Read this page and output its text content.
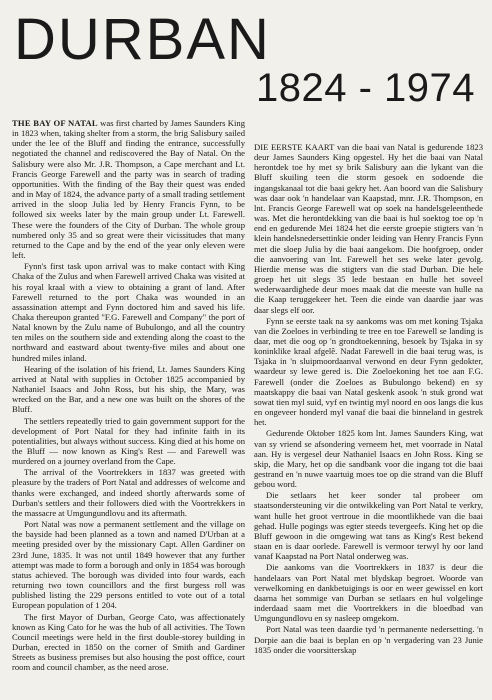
DURBAN
1824 - 1974

THE BAY OF NATAL was first charted by James Saunders King in 1823 when, taking shelter from a storm, the brig Salisbury sailed under the lee of the Bluff and finding the entrance, successfully negotiated the channel and rediscovered the Bay of Natal. On the Salisbury were also Mr. J.R. Thompson, a Cape merchant and Lt. Francis George Farewell and the party was in search of trading opportunities. With the finding of the Bay their quest was ended and in May of 1824, the advance party of a small trading settlement arrived in the sloop Julia led by Henry Francis Fynn, to be followed six weeks later by the main group under Lt. Farewell. These were the founders of the City of Durban. The whole group numbered only 35 and so great were their vicissitudes that many returned to the Cape and by the end of the year only eleven were left.

Fynn's first task upon arrival was to make contact with King Chaka of the Zulus and when Farewell arrived Chaka was visited at his royal kraal with a view to obtaining a grant of land. After Farewell returned to the port Chaka was wounded in an assassination attempt and Fynn doctored him and saved his life. Chaka thereupon granted "F.G. Farewell and Company" the port of Natal known by the Zulu name of Bubulongo, and all the country ten miles on the southern side and extending along the coast to the northward and eastward about twenty-five miles and about one hundred miles inland.

Hearing of the isolation of his friend, Lt. James Saunders King arrived at Natal with supplies in October 1825 accompanied by Nathaniel Isaacs and John Ross, but his ship, the Mary, was wrecked on the Bar, and a new one was built on the shores of the Bluff.

The settlers repeatedly tried to gain government support for the development of Port Natal for they had infinite faith in its potentialities, but always without success. King died at his home on the Bluff — now known as King's Rest — and Farewell was murdered on a journey overland from the Cape.

The arrival of the Voortrekkers in 1837 was greeted with pleasure by the traders of Port Natal and addresses of welcome and thanks were exchanged, and indeed shortly afterwards some of Durban's settlers and their followers died with the Voortrekkers in the massacre at Umgungundlovu and its aftermath.

Port Natal was now a permanent settlement and the village on the bayside had been planned as a town and named D'Urban at a meeting presided over by the missionary Capt. Allen Gardiner on 23rd June, 1835. It was not until 1849 however that any further attempt was made to form a borough and only in 1854 was borough status achieved. The borough was divided into four wards, each returning two town councillors and the first burgess roll was published listing the 229 persons entitled to vote out of a total European population of 1 204.

The first Mayor of Durban, George Cato, was affectionately known as King Cato for he was the hub of all activities. The Town Council meetings were held in the first double-storey building in Durban, erected in 1850 on the corner of Smith and Gardiner Streets as business premises but also housing the post office, court room and council chamber, as the need arose.

DIE EERSTE KAART van die baai van Natal is gedurende 1823 deur James Saunders King opgestel. Hy het die baai van Natal herontdek toe hy met sy brik Salisbury aan die lykant van die Bluff skuiling teen die storm gesoek en sodoende die ingangskanaal tot die baai gekry het. Aan boord van die Salisbury was daar ook 'n handelaar van Kaapstad, mnr. J.R. Thompson, en lnt. Francis George Farewell wat op soek na handelsgeleenthede was. Met die herontdekking van die baai is hul soektog toe op 'n end en gedurende Mei 1824 het die eerste groepie stigters van 'n klein handelsnedersettinkie onder leiding van Henry Francis Fynn met die sloep Julia by die baai aangekom. Die hoofgroep, onder die aanvoering van lnt. Farewell het ses weke later gevolg. Hierdie mense was die stigters van die stad Durban. Die hele groep het uit slegs 35 lede bestaan en hulle het soveel wederwaardighede deur moes maak dat die meeste van hulle na die Kaap teruggekeer het. Teen die einde van daardie jaar was daar slegs elf oor.

Fynn se eerste taak na sy aankoms was om met koning Tsjaka van die Zoeloes in verbinding te tree en toe Farewell se landing is daar, met die oog op 'n grondtoekenning, besoek by Tsjaka in sy koninklike kraal afgelê. Nadat Farewell in die baai terug was, is Tsjaka in 'n sluipmoordaanval verwond en deur Fynn gedokter, waardeur sy lewe gered is. Die Zoeloekoning het toe aan F.G. Farewell (onder die Zoeloes as Bubulongo bekend) en sy maatskappy die baai van Natal geskenk asook 'n stuk grond wat sowat tien myl suid, vyf en twintig myl noord en oos langs die kus en ongeveer honderd myl vanaf die baai die binneland in gestrek het.

Gedurende Oktober 1825 kom lnt. James Saunders King, wat van sy vriend se afsondering verneem het, met voorrade in Natal aan. Hy is vergesel deur Nathaniel Isaacs en John Ross. King se skip, die Mary, het op die sandbank voor die ingang tot die baai gestrand en 'n nuwe vaartuig moes toe op die strand van die Bluff gebou word.

Die setlaars het keer sonder tal probeer om staatsondersteuning vir die ontwikkeling van Port Natal te verkry, want hulle het groot vertroue in die moontlikhede van die baai gehad. Hulle pogings was egter steeds tevergeefs. King het op die Bluff gewoon in die omgewing wat tans as King's Rest bekend staan en is daar oorlede. Farewell is vermoor terwyl hy oor land vanaf Kaapstad na Port Natal onderweg was.

Die aankoms van die Voortrekkers in 1837 is deur die handelaars van Port Natal met blydskap begroet. Woorde van verwelkoming en dankbetuigings is oor en weer gewissel en kort daarna het sommige van Durban se setlaars en hul volgelinge inderdaad saam met die Voortrekkers in die bloedbad van Umgungundlovu en sy nasleep omgekom.

Port Natal was teen daardie tyd 'n permanente nedersetting. 'n Dorpie aan die baai is beplan en op 'n vergadering van 23 Junie 1835 onder die voorsitterskap
